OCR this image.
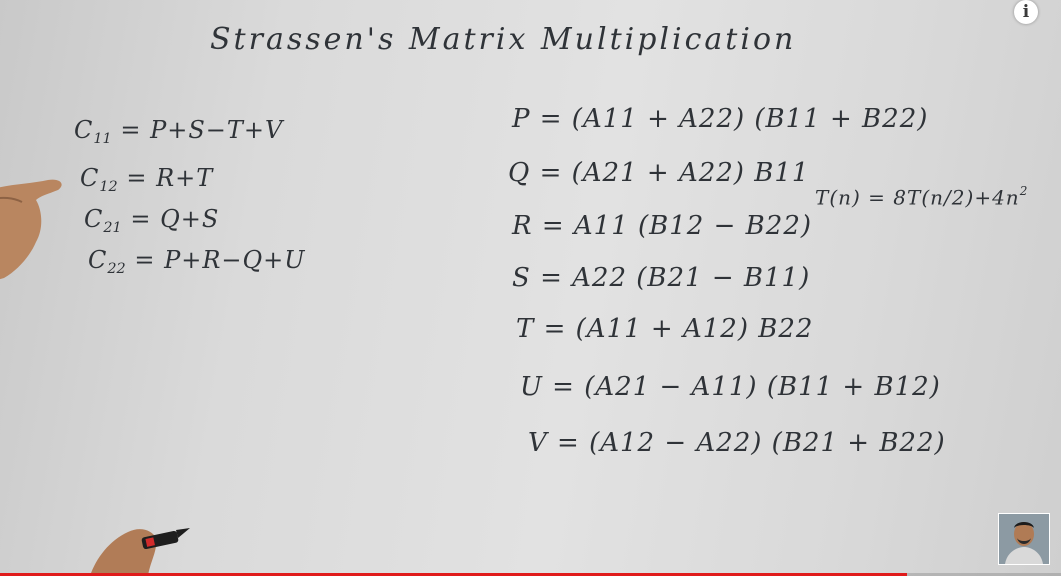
Strassen's Matrix Multiplication
$C_{11} = P+S-T+V$
$C_{12} = R+T$
$C_{21} = Q+S$
$C_{22} = P+R-Q+U$
P = (A11 + A22) (B11 + B22)
Q = (A21 + A22) B11
R = A11 (B12 − B22)
S = A22 (B21 − B11)
T = (A11 + A12) B22
U = (A21 − A11) (B11 + B12)
V = (A12 − A22) (B21 + B22)
$T(n) = 8T(n/2)+4n^2$
i
